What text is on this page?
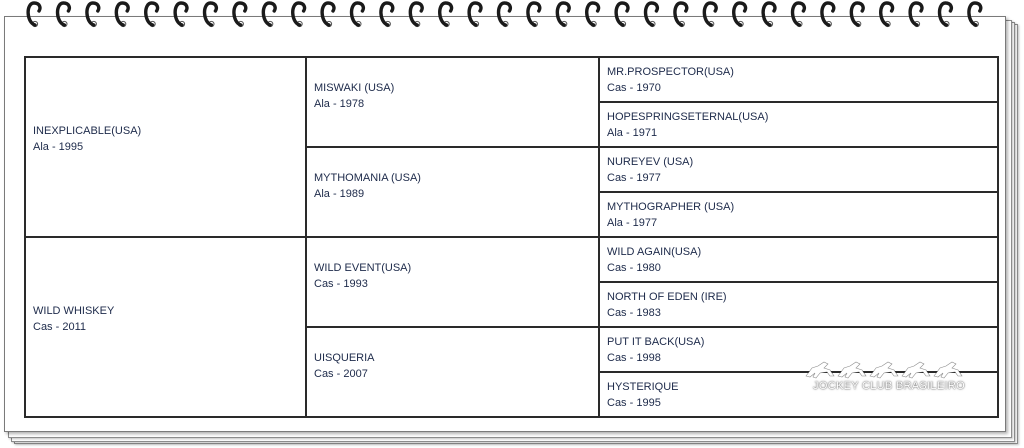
INEXPLICABLE(USA)
Ala - 1995	MISWAKI (USA)
Ala - 1978	MR.PROSPECTOR(USA)
Cas - 1970

		HOPESPRINGSETERNAL(USA)
Ala - 1971

	MYTHOMANIA (USA)
Ala - 1989	NUREYEV (USA)
Cas - 1977

		MYTHOGRAPHER (USA)
Ala - 1977

WILD WHISKEY
Cas - 2011	WILD EVENT(USA)
Cas - 1993	WILD AGAIN(USA)
Cas - 1980

		NORTH OF EDEN (IRE)
Cas - 1983

	UISQUERIA
Cas - 2007	PUT IT BACK(USA)
Cas - 1998

		HYSTERIQUE
Cas - 1995
JOCKEY CLUB BRASILEIRO
